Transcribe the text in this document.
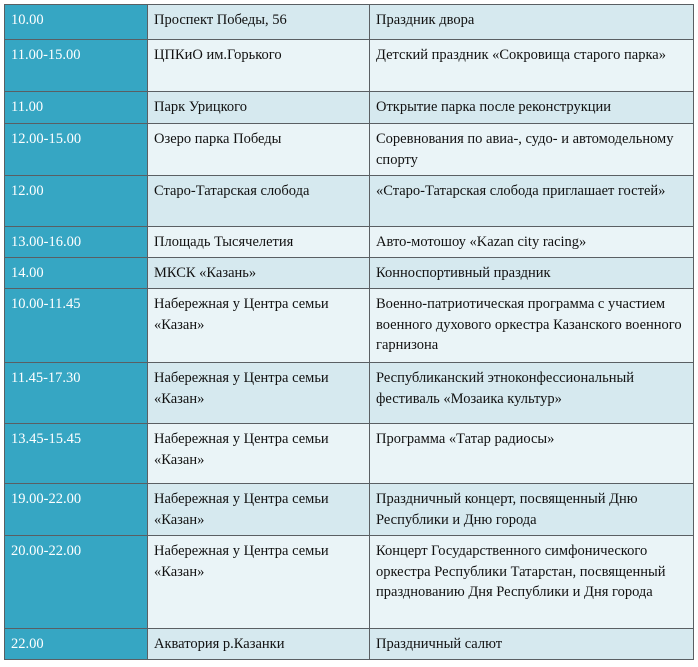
10.00	Проспект Победы, 56	Праздник двора
11.00-15.00	ЦПКиО им.Горького	Детский праздник «Сокровища старого парка»
11.00	Парк Урицкого	Открытие парка после реконструкции
12.00-15.00	Озеро парка Победы	Соревнования по авиа-, судо- и автомодельному спорту
12.00	Старо-Татарская слобода	«Старо-Татарская слобода приглашает гостей»
13.00-16.00	Площадь Тысячелетия	Авто-мотошоу «Kazan city racing»
14.00	МКСК «Казань»	Конноспортивный праздник
10.00-11.45	Набережная у Центра семьи «Казан»	Военно-патриотическая программа с участием военного духового оркестра Казанского военного гарнизона
11.45-17.30	Набережная у Центра семьи «Казан»	Республиканский этноконфессиональный фестиваль «Мозаика культур»
13.45-15.45	Набережная у Центра семьи «Казан»	Программа «Татар радиосы»
19.00-22.00	Набережная у Центра семьи «Казан»	Праздничный концерт, посвященный Дню Республики и Дню города
20.00-22.00	Набережная у Центра семьи «Казан»	Концерт Государственного симфонического оркестра Республики Татарстан, посвященный празднованию Дня Республики и Дня города
22.00	Акватория р.Казанки	Праздничный салют
